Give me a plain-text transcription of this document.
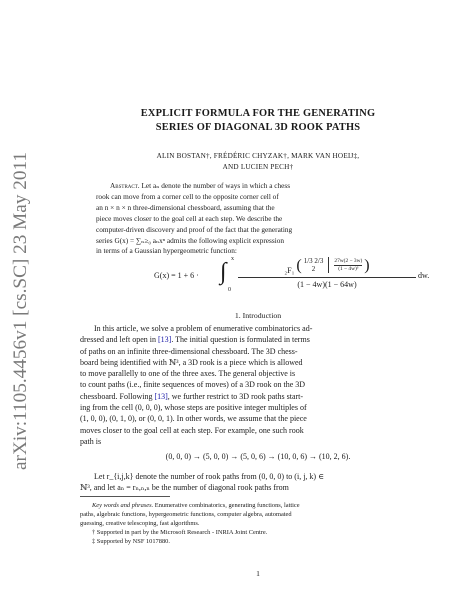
arXiv:1105.4456v1 [cs.SC] 23 May 2011
EXPLICIT FORMULA FOR THE GENERATING
SERIES OF DIAGONAL 3D ROOK PATHS
ALIN BOSTAN†, FRÉDÉRIC CHYZAK†, MARK VAN HOEIJ‡,
AND LUCIEN PECH†
Abstract. Let aₙ denote the number of ways in which a chess
rook can move from a corner cell to the opposite corner cell of
an n × n × n three-dimensional chessboard, assuming that the
piece moves closer to the goal cell at each step. We describe the
computer-driven discovery and proof of the fact that the generating
series G(x) = ∑ₙ≥₀ aₙxⁿ admits the following explicit expression
in terms of a Gaussian hypergeometric function:
G(x) = 1 + 6 · ∫ x
0
₂F₁ ( 1/3 2/3
2
	$\frac{27w(2 - 3w)}{\text{(1 − 4w)³}}$ )
(1 − 4w)(1 − 64w)
dw.
1. Introduction
In this article, we solve a problem of enumerative combinatorics ad-
dressed and left open in [13]. The initial question is formulated in terms
of paths on an infinite three-dimensional chessboard. The 3D chess-
board being identified with ℕ³, a 3D rook is a piece which is allowed
to move parallelly to one of the three axes. The general objective is
to count paths (i.e., finite sequences of moves) of a 3D rook on the 3D
chessboard. Following [13], we further restrict to 3D rook paths start-
ing from the cell (0, 0, 0), whose steps are positive integer multiples of
(1, 0, 0), (0, 1, 0), or (0, 0, 1). In other words, we assume that the piece
moves closer to the goal cell at each step. For example, one such rook
path is
(0, 0, 0) → (5, 0, 0) → (5, 0, 6) → (10, 0, 6) → (10, 2, 6).
Let r_{i,j,k} denote the number of rook paths from (0, 0, 0) to (i, j, k) ∈
ℕ³, and let aₙ = rₙ,ₙ,ₙ be the number of diagonal rook paths from
Key words and phrases. Enumerative combinatorics, generating functions, lattice
paths, algebraic functions, hypergeometric functions, computer algebra, automated
guessing, creative telescoping, fast algorithms.
† Supported in part by the Microsoft Research - INRIA Joint Centre.
‡ Supported by NSF 1017880.
1
